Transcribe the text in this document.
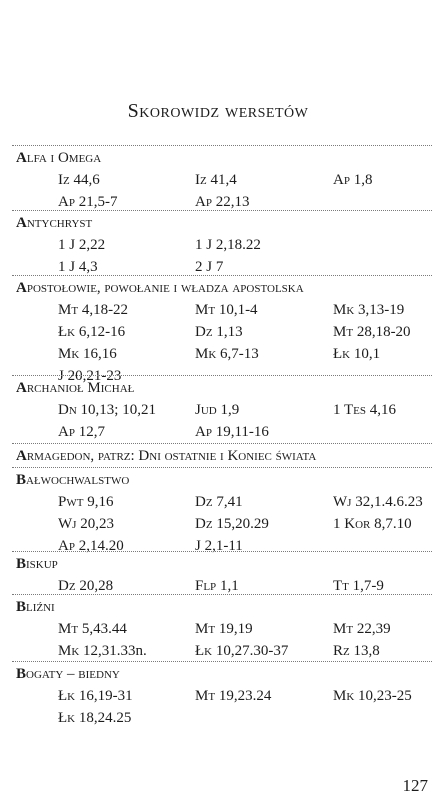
Skorowidz wersetów
Alfa i Omega
Iz 44,6	Iz 41,4	Ap 1,8
Ap 21,5-7	Ap 22,13
Antychryst
1 J 2,22	1 J 2,18.22
1 J 4,3	2 J 7
Apostołowie, powołanie i władza apostolska
Mt 4,18-22	Mt 10,1-4	Mk 3,13-19
Łk 6,12-16	Dz 1,13	Mt 28,18-20
Mk 16,16	Mk 6,7-13	Łk 10,1
J 20,21-23
Archanioł Michał
Dn 10,13; 10,21	Jud 1,9	1 Tes 4,16
Ap 12,7	Ap 19,11-16
Armagedon, patrz: Dni ostatnie i Koniec świata
Bałwochwalstwo
Pwt 9,16	Dz 7,41	Wj 32,1.4.6.23
Wj 20,23	Dz 15,20.29	1 Kor 8,7.10
Ap 2,14.20	J 2,1-11
Biskup
Dz 20,28	Flp 1,1	Tt 1,7-9
Bliźni
Mt 5,43.44	Mt 19,19	Mt 22,39
Mk 12,31.33n.	Łk 10,27.30-37	Rz 13,8
Bogaty – biedny
Łk 16,19-31	Mt 19,23.24	Mk 10,23-25
Łk 18,24.25
127
